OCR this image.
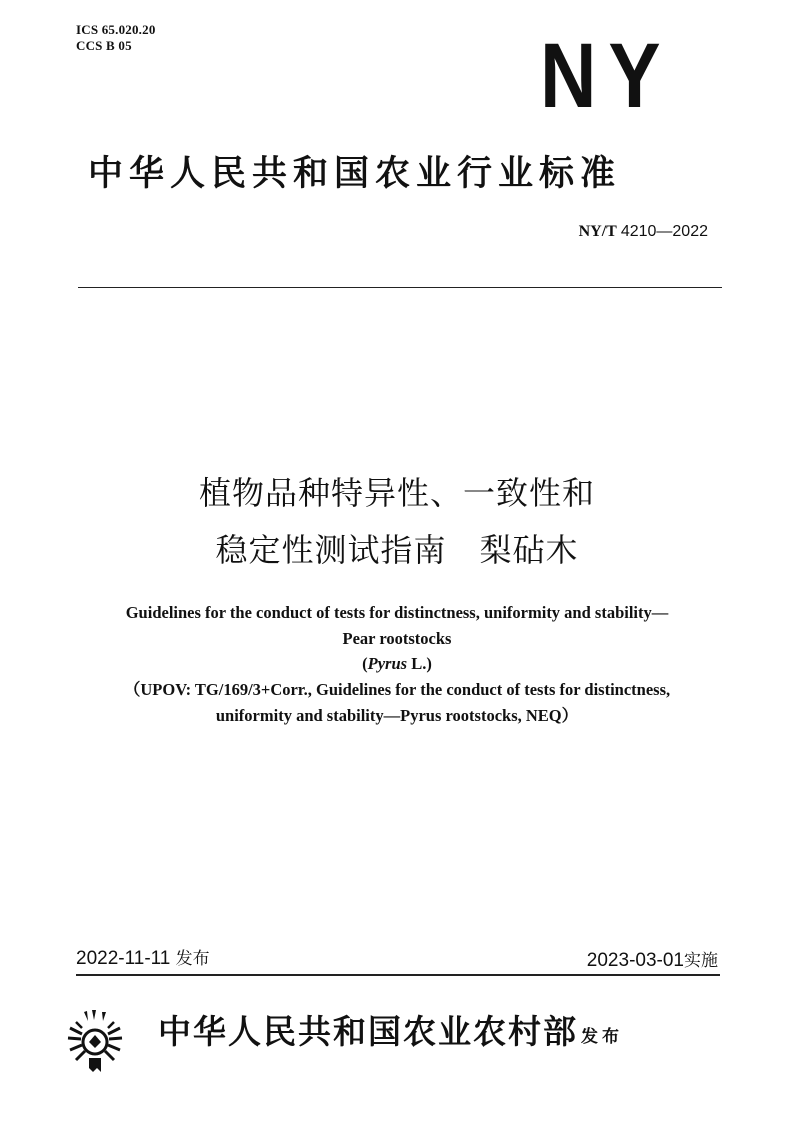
ICS 65.020.20
CCS B 05	NY
中华人民共和国农业行业标准
NY/T 4210—2022
植物品种特异性、一致性和
稳定性测试指南　梨砧木
Guidelines for the conduct of tests for distinctness, uniformity and stability—
Pear rootstocks
(Pyrus L.)
（UPOV: TG/169/3+Corr., Guidelines for the conduct of tests for distinctness,
uniformity and stability—Pyrus rootstocks, NEQ）
2022-11-11 发布	2023-03-01实施
中华人民共和国农业农村部 发布
